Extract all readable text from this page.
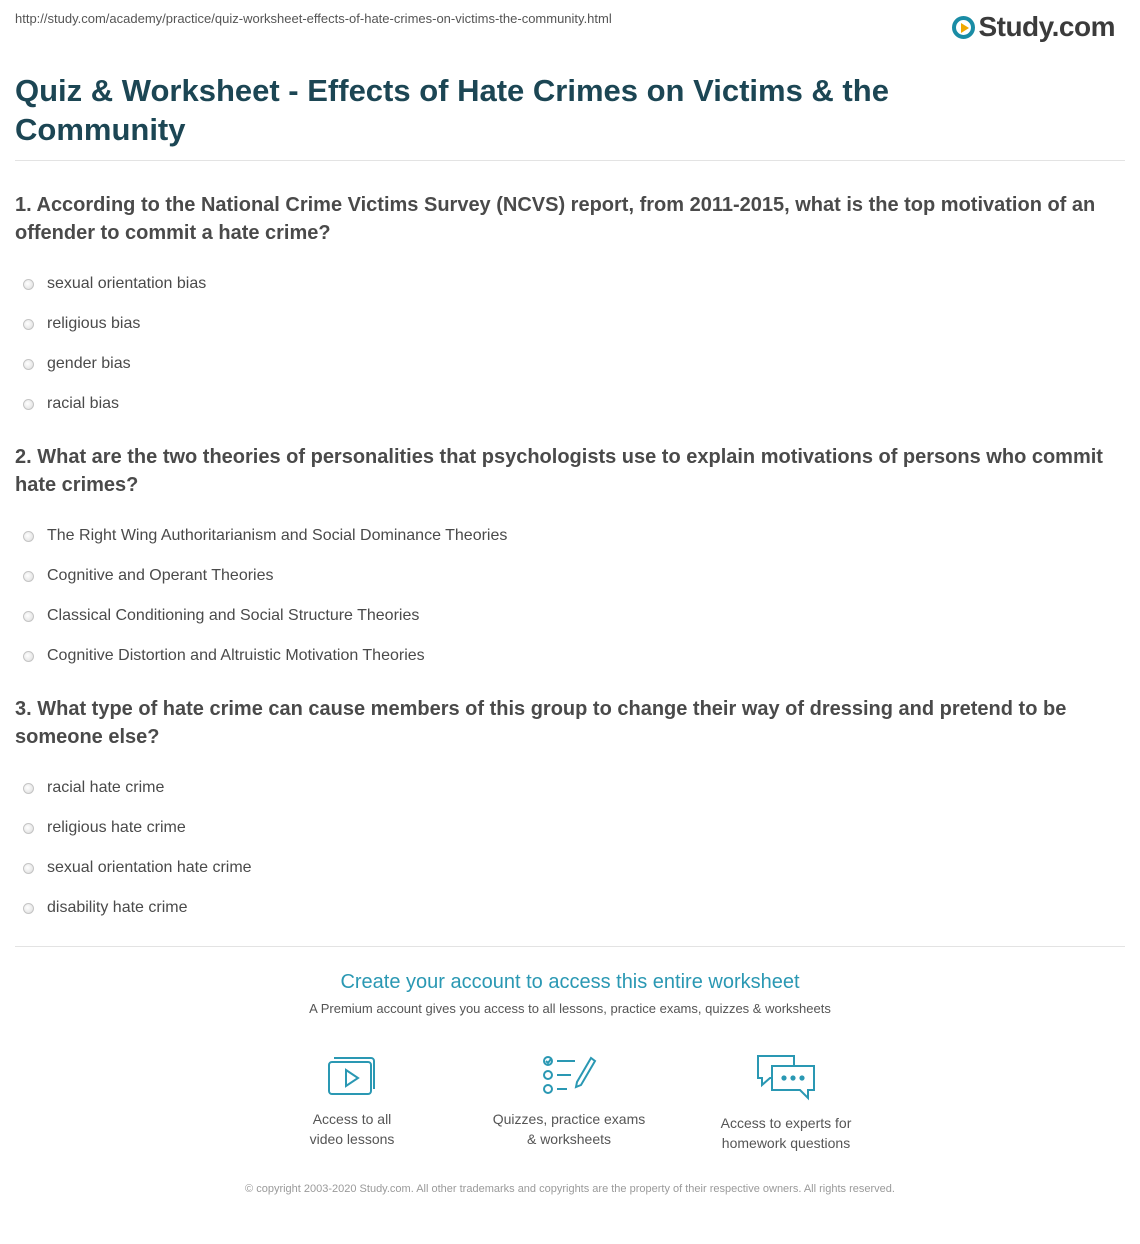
http://study.com/academy/practice/quiz-worksheet-effects-of-hate-crimes-on-victims-the-community.html	Study.com
Quiz & Worksheet - Effects of Hate Crimes on Victims & the Community
1. According to the National Crime Victims Survey (NCVS) report, from 2011-2015, what is the top motivation of an offender to commit a hate crime?
sexual orientation bias
religious bias
gender bias
racial bias
2. What are the two theories of personalities that psychologists use to explain motivations of persons who commit hate crimes?
The Right Wing Authoritarianism and Social Dominance Theories
Cognitive and Operant Theories
Classical Conditioning and Social Structure Theories
Cognitive Distortion and Altruistic Motivation Theories
3. What type of hate crime can cause members of this group to change their way of dressing and pretend to be someone else?
racial hate crime
religious hate crime
sexual orientation hate crime
disability hate crime
Create your account to access this entire worksheet
A Premium account gives you access to all lessons, practice exams, quizzes & worksheets
Access to all
video lessons
Quizzes, practice exams
& worksheets
Access to experts for
homework questions
© copyright 2003-2020 Study.com. All other trademarks and copyrights are the property of their respective owners. All rights reserved.
